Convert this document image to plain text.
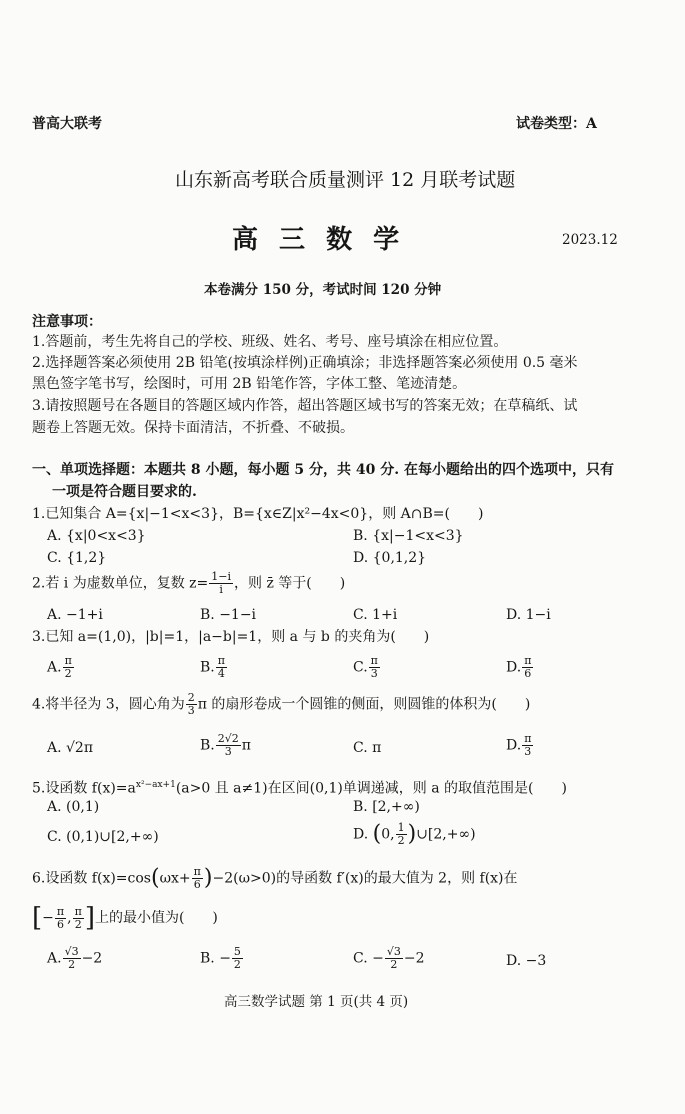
普高大联考	试卷类型：A
山东新高考联合质量测评 12 月联考试题
高 三 数 学	2023.12
本卷满分 150 分，考试时间 120 分钟
注意事项：
1.答题前，考生先将自己的学校、班级、姓名、考号、座号填涂在相应位置。
2.选择题答案必须使用 2B 铅笔(按填涂样例)正确填涂；非选择题答案必须使用 0.5 毫米
黑色签字笔书写，绘图时，可用 2B 铅笔作答，字体工整、笔迹清楚。
3.请按照题号在各题目的答题区域内作答，超出答题区域书写的答案无效；在草稿纸、试
题卷上答题无效。保持卡面清洁，不折叠、不破损。
一、单项选择题：本题共 8 小题，每小题 5 分，共 40 分. 在每小题给出的四个选项中，只有
一项是符合题目要求的.
1.已知集合 A={x|−1<x<3}，B={x∈Z|x²−4x<0}，则 A∩B=(　　)
A. {x|0<x<3}	B. {x|−1<x<3}
C. {1,2}	D. {0,1,2}
2.若 i 为虚数单位，复数 $z= \frac{1-i}{i}$ ，则 z̄ 等于(　　)
A. −1+i	B. −1−i	C. 1+i	D. 1−i
3.已知 a=(1,0)，|b|=1，|a−b|=1，则 a 与 b 的夹角为(　　)
A. $\frac{\pi}{2}$	B. $\frac{\pi}{4}$	C. $\frac{\pi}{3}$	D. $\frac{\pi}{6}$
4.将半径为 3，圆心角为 $\frac{2}{3}$ π 的扇形卷成一个圆锥的侧面，则圆锥的体积为(　　)
A. √2π	B. $\frac{2√2}{3}$ π	C. π	D. $\frac{\pi}{3}$
5.设函数 $f(x)=a^{x^2-ax+1}(a>0$ 且 a≠1)在区间(0,1)单调递减，则 a 的取值范围是(　　)
A. (0,1)	B. [2,+∞)
C. (0,1)∪[2,+∞)	D. (0, $\frac{1}{2}$ )∪[2,+∞)
6.设函数 $f(x)=\cos(\omega x+ \frac{\pi}{6} )-2(\omega>0)$的导函数 f′(x)的最大值为 2，则 f(x)在
[− $\frac{\pi}{6}$ , $\frac{\pi}{2}$ ]上的最小值为(　　)
A. $\frac{√3}{2} -2$	B. − $\frac{5}{2}$	C. − $\frac{√3}{2} -2$	D. −3
高三数学试题 第 1 页(共 4 页)
